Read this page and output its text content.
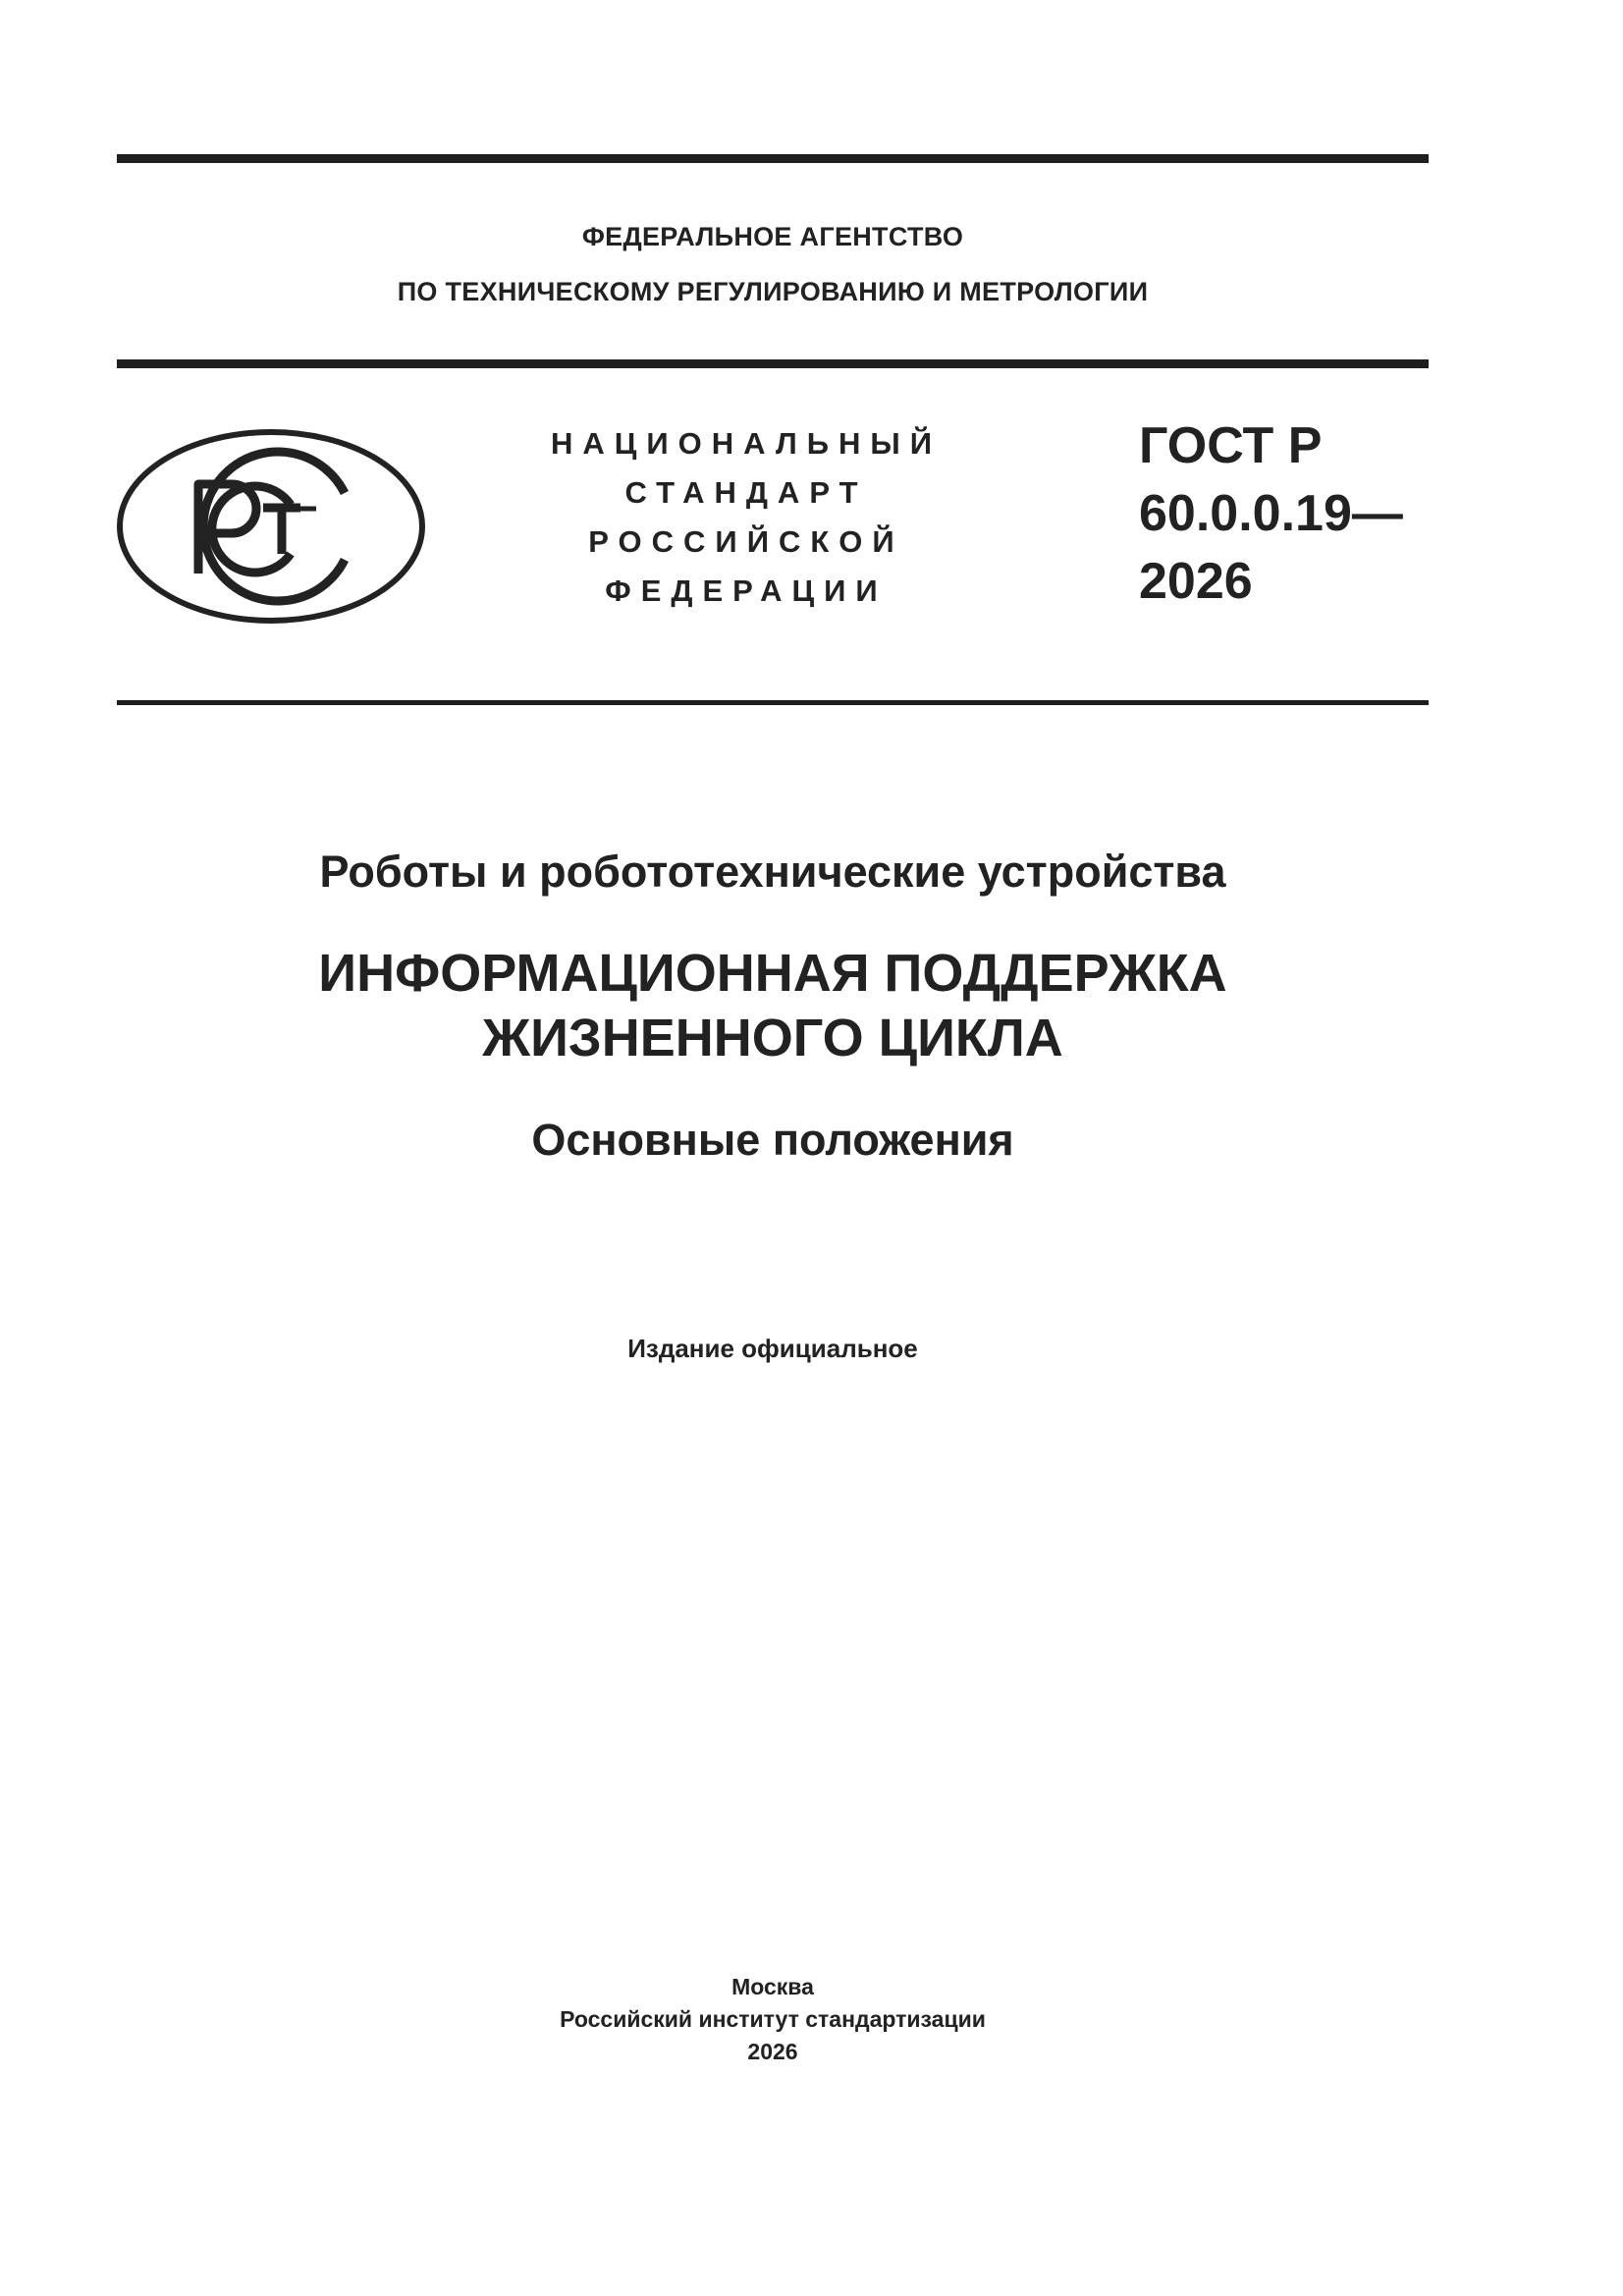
ФЕДЕРАЛЬНОЕ АГЕНТСТВО
ПО ТЕХНИЧЕСКОМУ РЕГУЛИРОВАНИЮ И МЕТРОЛОГИИ
НАЦИОНАЛЬНЫЙ
СТАНДАРТ
РОССИЙСКОЙ
ФЕДЕРАЦИИ
ГОСТ Р
60.0.0.19—
2026
Роботы и робототехнические устройства
ИНФОРМАЦИОННАЯ ПОДДЕРЖКА
ЖИЗНЕННОГО ЦИКЛА
Основные положения
Издание официальное
Москва
Российский институт стандартизации
2026
